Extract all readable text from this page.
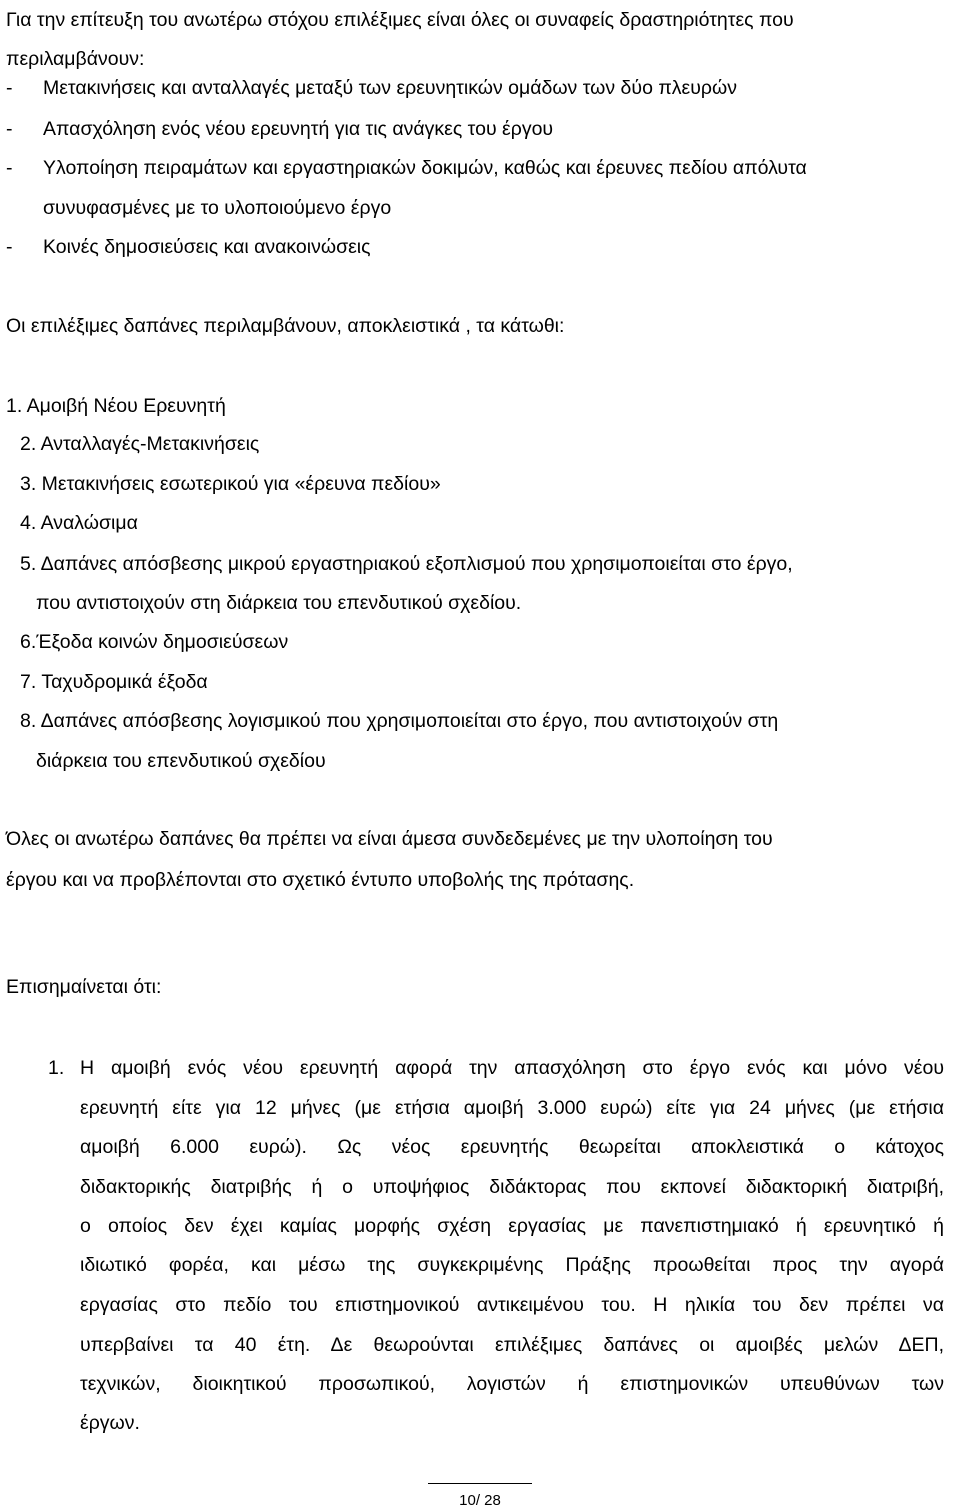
Για την επίτευξη του ανωτέρω στόχου επιλέξιμες είναι όλες οι συναφείς δραστηριότητες που
περιλαμβάνουν:
- Μετακινήσεις και ανταλλαγές μεταξύ των ερευνητικών ομάδων των δύο πλευρών
- Απασχόληση ενός νέου ερευνητή για τις ανάγκες του έργου
- Υλοποίηση πειραμάτων και εργαστηριακών δοκιμών, καθώς και έρευνες πεδίου απόλυτα
συνυφασμένες με το υλοποιούμενο έργο
- Κοινές δημοσιεύσεις και ανακοινώσεις
Οι επιλέξιμες δαπάνες περιλαμβάνουν, αποκλειστικά , τα κάτωθι:
1. Αμοιβή Νέου Ερευνητή
2. Ανταλλαγές-Μετακινήσεις
3. Μετακινήσεις εσωτερικού για «έρευνα πεδίου»
4. Αναλώσιμα
5. Δαπάνες απόσβεσης μικρού εργαστηριακού εξοπλισμού που χρησιμοποιείται στο έργο,
που αντιστοιχούν στη διάρκεια του επενδυτικού σχεδίου.
6.Έξοδα κοινών δημοσιεύσεων
7. Ταχυδρομικά έξοδα
8. Δαπάνες απόσβεσης λογισμικού που χρησιμοποιείται στο έργο, που αντιστοιχούν στη
διάρκεια του επενδυτικού σχεδίου
Όλες οι ανωτέρω δαπάνες θα πρέπει να είναι άμεσα συνδεδεμένες με την υλοποίηση του
έργου και να προβλέπονται στο σχετικό έντυπο υποβολής της πρότασης.
Επισημαίνεται ότι:
1. Η αμοιβή ενός νέου ερευνητή αφορά την απασχόληση στο έργο ενός και μόνο νέου
ερευνητή είτε για 12 μήνες (με ετήσια αμοιβή 3.000 ευρώ) είτε για 24 μήνες (με ετήσια
αμοιβή 6.000 ευρώ). Ως νέος ερευνητής θεωρείται αποκλειστικά ο κάτοχος
διδακτορικής διατριβής ή ο υποψήφιος διδάκτορας που εκπονεί διδακτορική διατριβή,
ο οποίος δεν έχει καμίας μορφής σχέση εργασίας με πανεπιστημιακό ή ερευνητικό ή
ιδιωτικό φορέα, και μέσω της συγκεκριμένης Πράξης προωθείται προς την αγορά
εργασίας στο πεδίο του επιστημονικού αντικειμένου του. Η ηλικία του δεν πρέπει να
υπερβαίνει τα 40 έτη. Δε θεωρούνται επιλέξιμες δαπάνες οι αμοιβές μελών ΔΕΠ,
τεχνικών, διοικητικού προσωπικού, λογιστών ή επιστημονικών υπευθύνων των
έργων.
10/ 28
